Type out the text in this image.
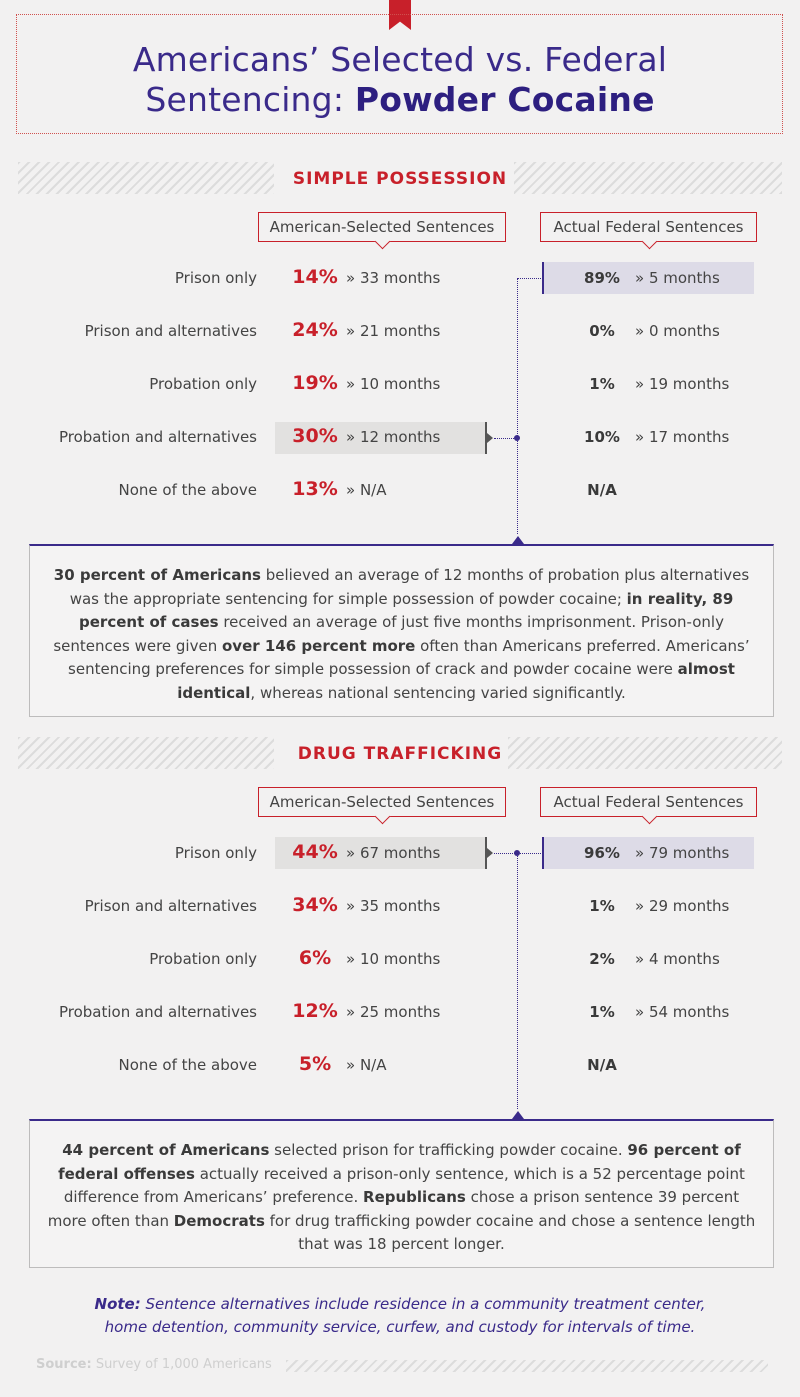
Americans’ Selected vs. Federal
Sentencing: Powder Cocaine
SIMPLE POSSESSION
American-Selected Sentences	Actual Federal Sentences
Prison only 14% » 33 months	89%	» 5 months
Prison and alternatives 24% » 21 months	0%	» 0 months
Probation only 19% » 10 months	1%	» 19 months
Probation and alternatives 30% » 12 months	10%	» 17 months
None of the above 13% » N/A	N/A
30 percent of Americans believed an average of 12 months of probation plus alternatives was the appropriate sentencing for simple possession of powder cocaine; in reality, 89 percent of cases received an average of just five months imprisonment. Prison-only sentences were given over 146 percent more often than Americans preferred. Americans’ sentencing preferences for simple possession of crack and powder cocaine were almost identical, whereas national sentencing varied significantly.
DRUG TRAFFICKING
American-Selected Sentences	Actual Federal Sentences
Prison only 44% » 67 months	96%	» 79 months
Prison and alternatives 34% » 35 months	1%	» 29 months
Probation only	6% » 10 months	2%	» 4 months
Probation and alternatives 12% » 25 months	1%	» 54 months
None of the above	5% » N/A	N/A
44 percent of Americans selected prison for trafficking powder cocaine. 96 percent of federal offenses actually received a prison-only sentence, which is a 52 percentage point difference from Americans’ preference. Republicans chose a prison sentence 39 percent more often than Democrats for drug trafficking powder cocaine and chose a sentence length that was 18 percent longer.
Note: Sentence alternatives include residence in a community treatment center,
home detention, community service, curfew, and custody for intervals of time.
Source: Survey of 1,000 Americans
